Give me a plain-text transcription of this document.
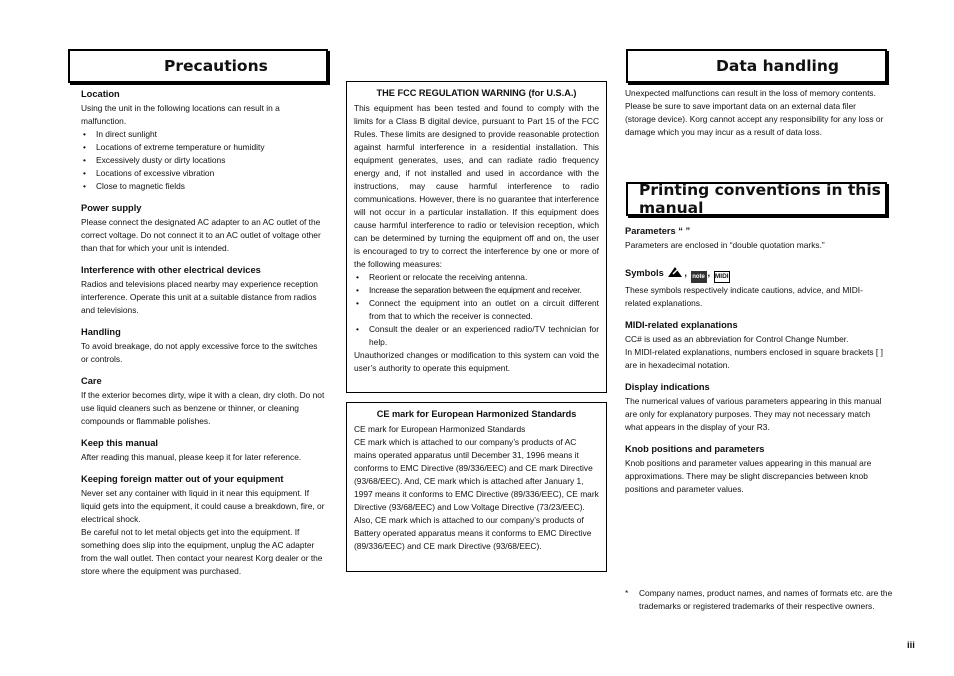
Precautions	Data handling
Printing conventions in this manual
Location

Using the unit in the following locations can result in a malfunction.

• In direct sunlight
• Locations of extreme temperature or humidity
• Excessively dusty or dirty locations
• Locations of excessive vibration
• Close to magnetic fields
Power supply

Please connect the designated AC adapter to an AC outlet of the correct voltage. Do not connect it to an AC outlet of voltage other than that for which your unit is intended.

Interference with other electrical devices

Radios and televisions placed nearby may experience reception interference. Operate this unit at a suitable distance from radios and televisions.

Handling

To avoid breakage, do not apply excessive force to the switches or controls.

Care

If the exterior becomes dirty, wipe it with a clean, dry cloth. Do not use liquid cleaners such as benzene or thinner, or cleaning compounds or flammable polishes.

Keep this manual

After reading this manual, please keep it for later reference.

Keeping foreign matter out of your equipment

Never set any container with liquid in it near this equipment. If liquid gets into the equipment, it could cause a breakdown, fire, or electrical shock.

Be careful not to let metal objects get into the equipment. If something does slip into the equipment, unplug the AC adapter from the wall outlet. Then contact your nearest Korg dealer or the store where the equipment was purchased.

THE FCC REGULATION WARNING (for U.S.A.)

This equipment has been tested and found to comply with the limits for a Class B digital device, pursuant to Part 15 of the FCC Rules. These limits are designed to provide reasonable protection against harmful interference in a residential installation. This equipment generates, uses, and can radiate radio frequency energy and, if not installed and used in accordance with the instructions, may cause harmful interference to radio communications. However, there is no guarantee that interference will not occur in a particular installation. If this equipment does cause harmful interference to radio or television reception, which can be determined by turning the equipment off and on, the user is encouraged to try to correct the interference by one or more of the following measures:

• Reorient or relocate the receiving antenna.
• Increase the separation between the equipment and receiver.
• Connect the equipment into an outlet on a circuit different from that to which the receiver is connected.
• Consult the dealer or an experienced radio/TV technician for help.

Unauthorized changes or modification to this system can void the user’s authority to operate this equipment.

CE mark for European Harmonized Standards

CE mark for European Harmonized Standards

CE mark which is attached to our company’s products of AC mains operated apparatus until December 31, 1996 means it conforms to EMC Directive (89/336/EEC) and CE mark Directive (93/68/EEC). And, CE mark which is attached after January 1, 1997 means it conforms to EMC Directive (89/336/EEC), CE mark Directive (93/68/EEC) and Low Voltage Directive (73/23/EEC).

Also, CE mark which is attached to our company’s products of Battery operated apparatus means it conforms to EMC Directive (89/336/EEC) and CE mark Directive (93/68/EEC).

Unexpected malfunctions can result in the loss of memory contents. Please be sure to save important data on an external data filer (storage device). Korg cannot accept any responsibility for any loss or damage which you may incur as a result of data loss.

Parameters “ ”

Parameters are enclosed in “double quotation marks.”

Symbols , note , MIDI

These symbols respectively indicate cautions, advice, and MIDI-related explanations.

MIDI-related explanations

CC# is used as an abbreviation for Control Change Number.

In MIDI-related explanations, numbers enclosed in square brackets [ ] are in hexadecimal notation.

Display indications

The numerical values of various parameters appearing in this manual are only for explanatory purposes. They may not necessary match what appears in the display of your R3.

Knob positions and parameters

Knob positions and parameter values appearing in this manual are approximations. There may be slight discrepancies between knob positions and parameter values.

* Company names, product names, and names of formats etc. are the trademarks or registered trademarks of their respective owners.
iii
